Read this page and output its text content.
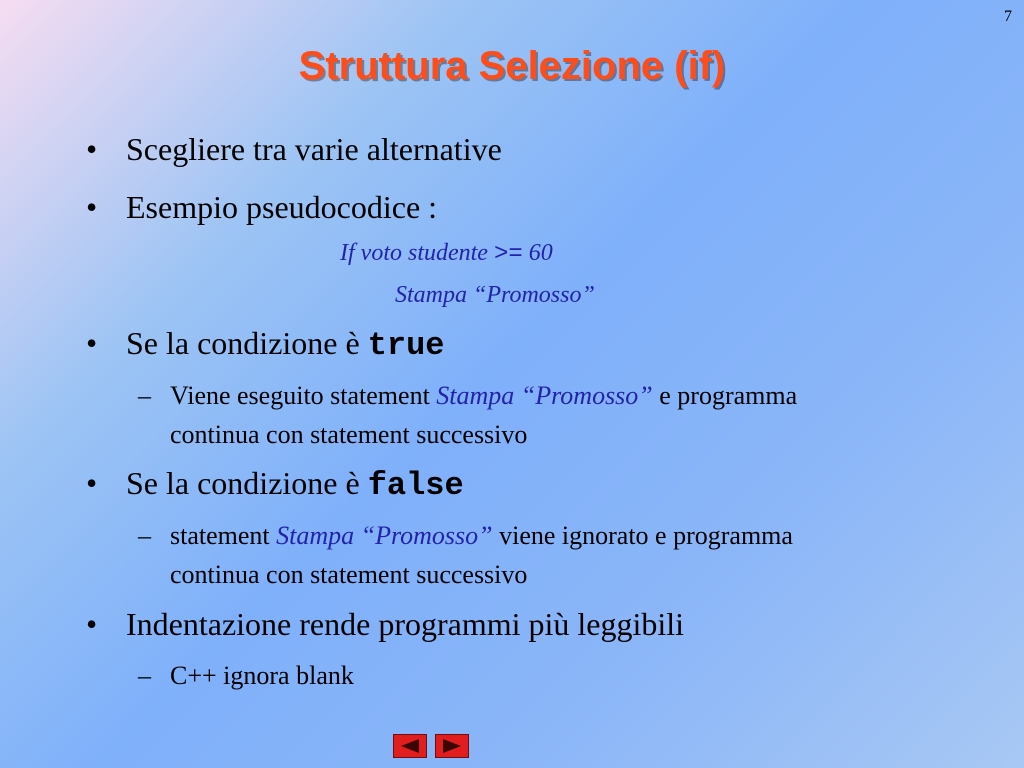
7
Struttura Selezione (if)
• Scegliere tra varie alternative
• Esempio pseudocodice :
If voto studente >= 60
Stampa “Promosso”
• Se la condizione è true
– Viene eseguito statement Stampa “Promosso” e programma
continua con statement successivo
• Se la condizione è false
– statement Stampa “Promosso” viene ignorato e programma
continua con statement successivo
• Indentazione rende programmi più leggibili
– C++ ignora blank
